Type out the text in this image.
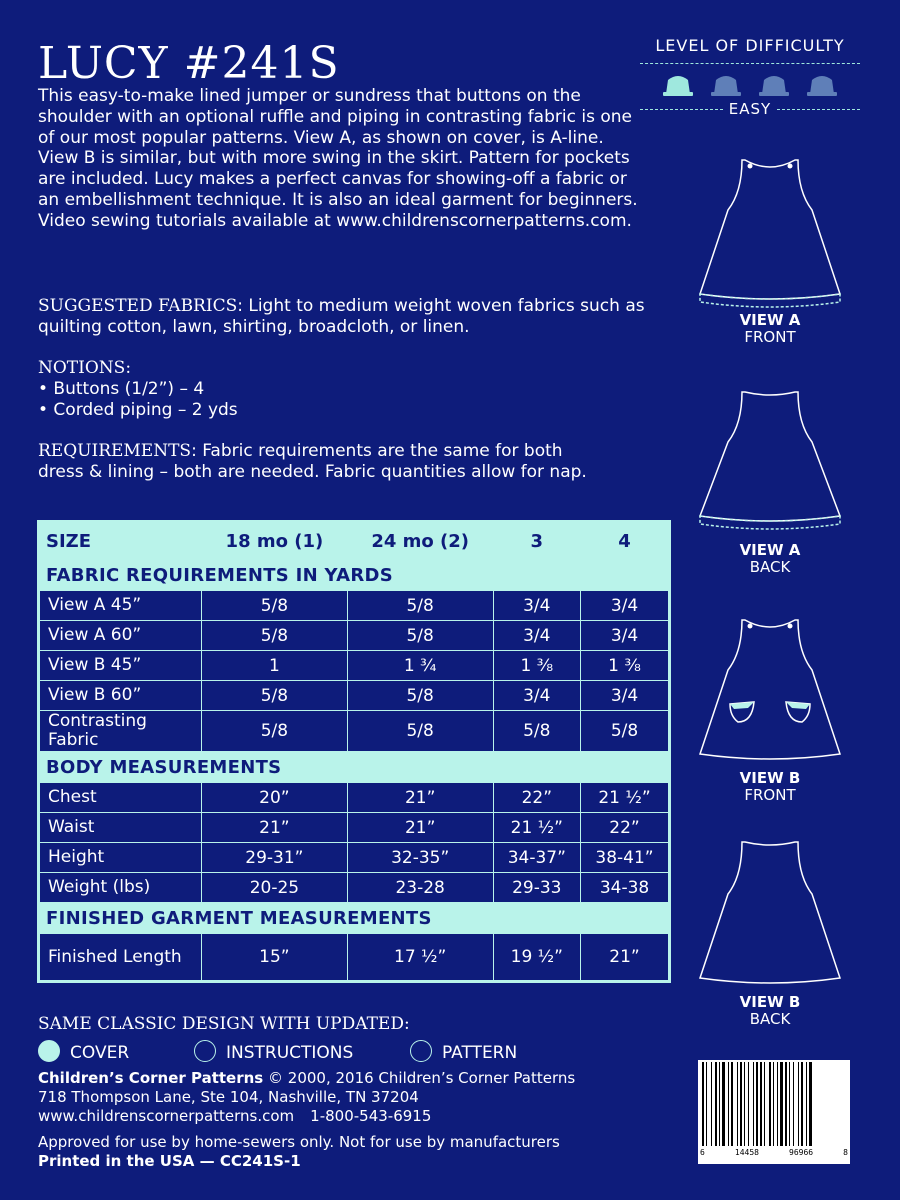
LUCY #241S
This easy-to-make lined jumper or sundress that buttons on the shoulder with an optional ruffle and piping in contrasting fabric is one of our most popular patterns. View A, as shown on cover, is A-line. View B is similar, but with more swing in the skirt. Pattern for pockets are included. Lucy makes a perfect canvas for showing-off a fabric or an embellishment technique. It is also an ideal garment for beginners. Video sewing tutorials available at www.childrenscornerpatterns.com.
SUGGESTED FABRICS: Light to medium weight woven fabrics such as quilting cotton, lawn, shirting, broadcloth, or linen.
NOTIONS:
• Buttons (1/2”) – 4
• Corded piping – 2 yds
REQUIREMENTS: Fabric requirements are the same for both dress & lining – both are needed. Fabric quantities allow for nap.
SIZE	18 mo (1)	24 mo (2)	3	4
FABRIC REQUIREMENTS IN YARDS				
View A 45”	5/8	5/8	3/4	3/4
View A 60”	5/8	5/8	3/4	3/4
View B 45”	1	1 ¾	1 ⅜	1 ⅜
View B 60”	5/8	5/8	3/4	3/4
Contrasting Fabric	5/8	5/8	5/8	5/8
BODY MEASUREMENTS				
Chest	20”	21”	22”	21 ½”
Waist	21”	21”	21 ½”	22”
Height	29-31”	32-35”	34-37”	38-41”
Weight (lbs)	20-25	23-28	29-33	34-38
FINISHED GARMENT MEASUREMENTS				
Finished Length	15”	17 ½”	19 ½”	21”
SAME CLASSIC DESIGN WITH UPDATED:
COVER	INSTRUCTIONS	PATTERN
Children’s Corner Patterns © 2000, 2016 Children’s Corner Patterns
718 Thompson Lane, Ste 104, Nashville, TN 37204
www.childrenscornerpatterns.com 1-800-543-6915
Approved for use by home-sewers only. Not for use by manufacturers
Printed in the USA — CC241S-1
LEVEL OF DIFFICULTY
EASY
VIEW A
FRONT
VIEW A
BACK
VIEW B
FRONT
VIEW B
BACK
6	14458	96966	8
